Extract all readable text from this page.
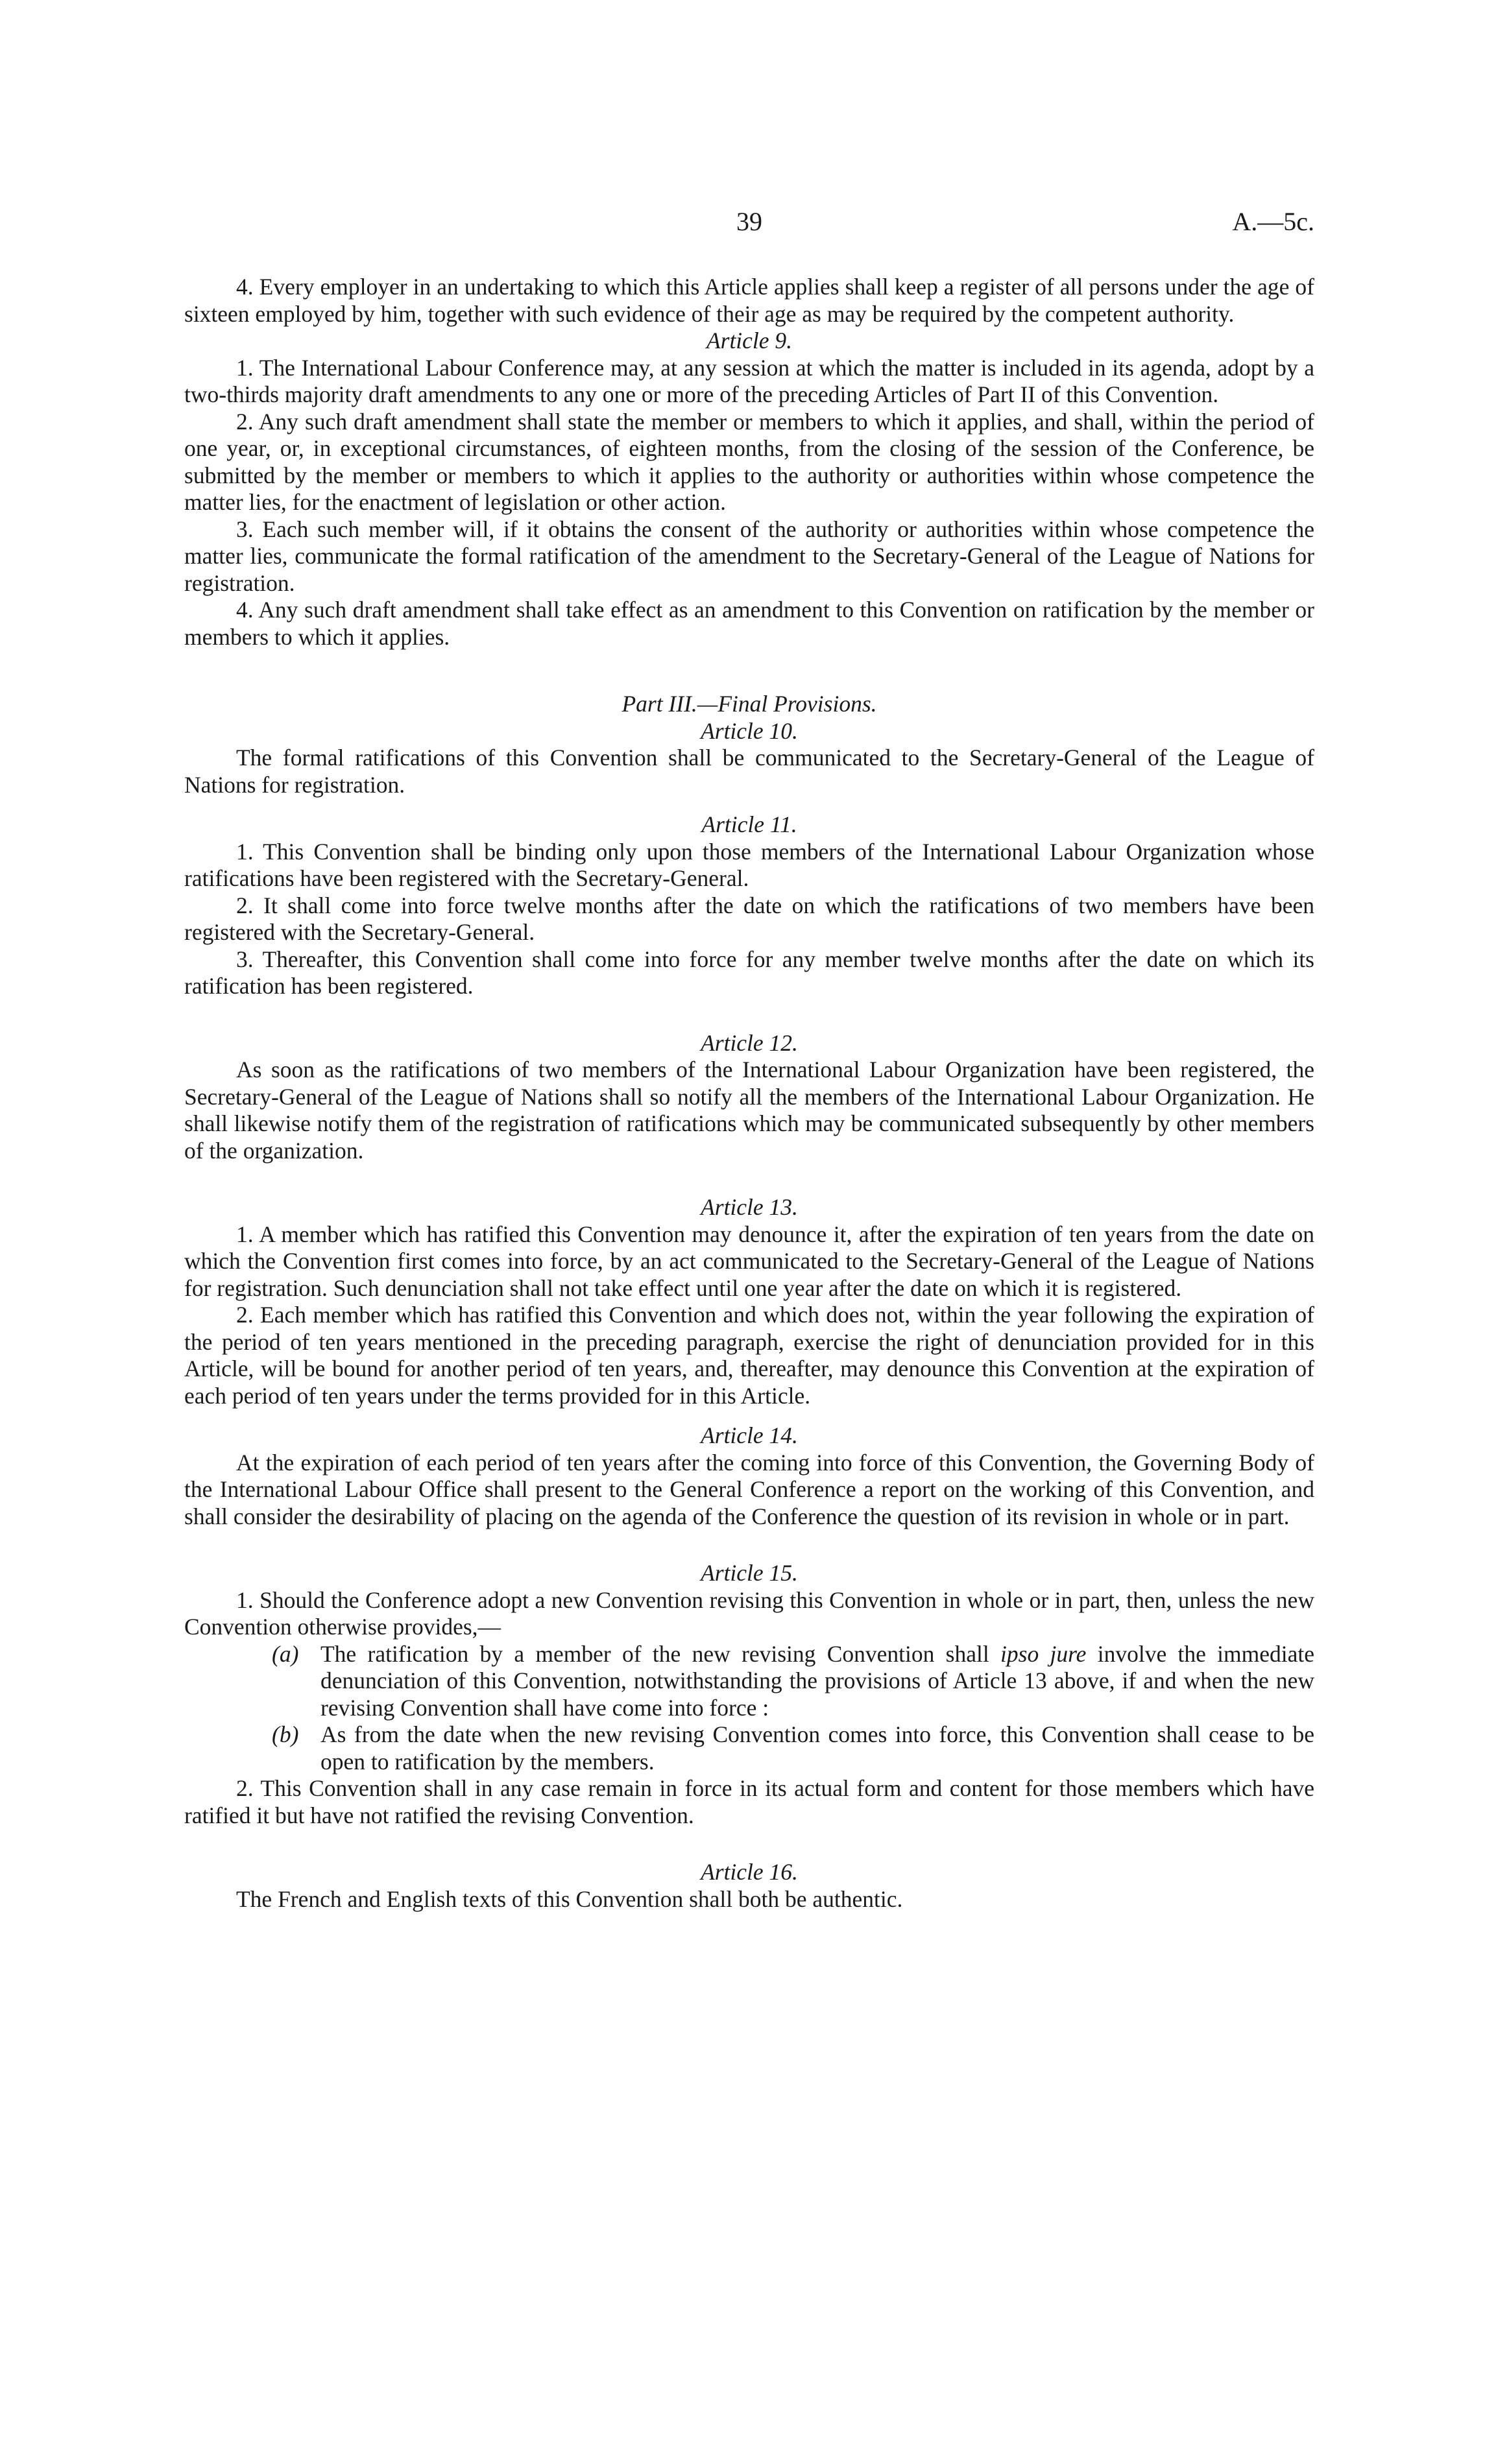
39	A.—5c.

4. Every employer in an undertaking to which this Article applies shall keep a register of all persons under the age of sixteen employed by him, together with such evidence of their age as may be required by the competent authority.

Article 9.

1. The International Labour Conference may, at any session at which the matter is included in its agenda, adopt by a two-thirds majority draft amendments to any one or more of the preceding Articles of Part II of this Convention.

2. Any such draft amendment shall state the member or members to which it applies, and shall, within the period of one year, or, in exceptional circumstances, of eighteen months, from the closing of the session of the Conference, be submitted by the member or members to which it applies to the authority or authorities within whose competence the matter lies, for the enactment of legislation or other action.

3. Each such member will, if it obtains the consent of the authority or authorities within whose competence the matter lies, communicate the formal ratification of the amendment to the Secretary-General of the League of Nations for registration.

4. Any such draft amendment shall take effect as an amendment to this Convention on ratification by the member or members to which it applies.

Part III.—Final Provisions.

Article 10.

The formal ratifications of this Convention shall be communicated to the Secretary-General of the League of Nations for registration.

Article 11.

1. This Convention shall be binding only upon those members of the International Labour Organization whose ratifications have been registered with the Secretary-General.

2. It shall come into force twelve months after the date on which the ratifications of two members have been registered with the Secretary-General.

3. Thereafter, this Convention shall come into force for any member twelve months after the date on which its ratification has been registered.

Article 12.

As soon as the ratifications of two members of the International Labour Organization have been registered, the Secretary-General of the League of Nations shall so notify all the members of the International Labour Organization. He shall likewise notify them of the registration of ratifications which may be communicated subsequently by other members of the organization.

Article 13.

1. A member which has ratified this Convention may denounce it, after the expiration of ten years from the date on which the Convention first comes into force, by an act communicated to the Secretary-General of the League of Nations for registration. Such denunciation shall not take effect until one year after the date on which it is registered.

2. Each member which has ratified this Convention and which does not, within the year following the expiration of the period of ten years mentioned in the preceding paragraph, exercise the right of denunciation provided for in this Article, will be bound for another period of ten years, and, thereafter, may denounce this Convention at the expiration of each period of ten years under the terms provided for in this Article.

Article 14.

At the expiration of each period of ten years after the coming into force of this Convention, the Governing Body of the International Labour Office shall present to the General Conference a report on the working of this Convention, and shall consider the desirability of placing on the agenda of the Conference the question of its revision in whole or in part.

Article 15.

1. Should the Conference adopt a new Convention revising this Convention in whole or in part, then, unless the new Convention otherwise provides,—

(a) The ratification by a member of the new revising Convention shall ipso jure involve the immediate denunciation of this Convention, notwithstanding the provisions of Article 13 above, if and when the new revising Convention shall have come into force :
(b) As from the date when the new revising Convention comes into force, this Convention shall cease to be open to ratification by the members.

2. This Convention shall in any case remain in force in its actual form and content for those members which have ratified it but have not ratified the revising Convention.

Article 16.

The French and English texts of this Convention shall both be authentic.
